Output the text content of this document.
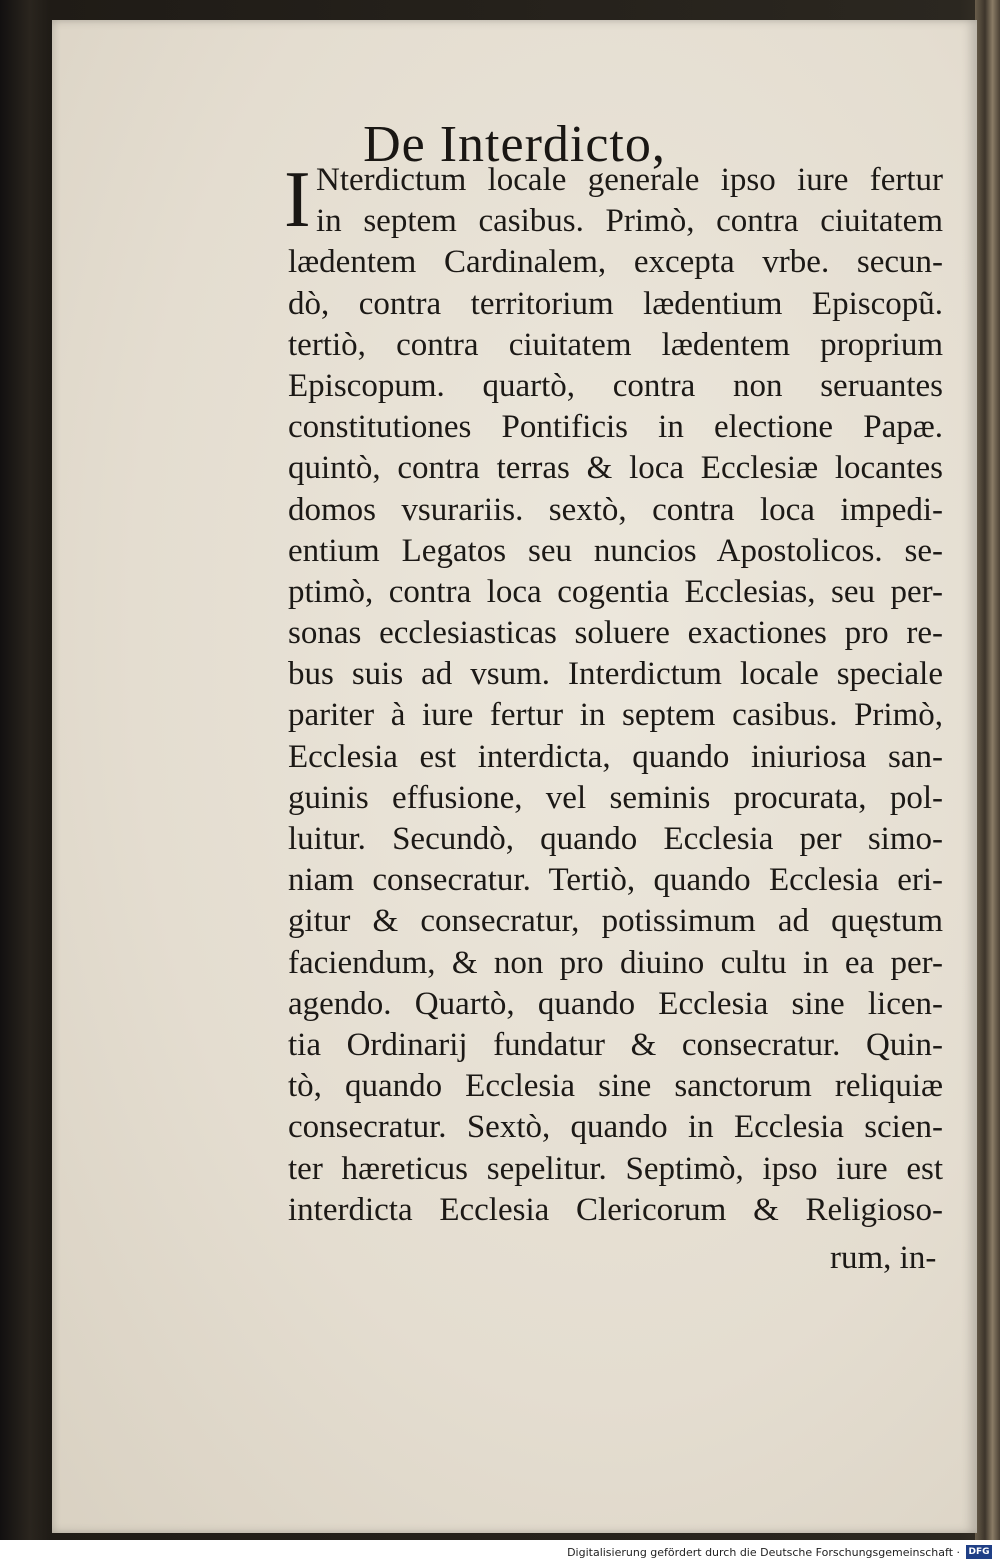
De Interdicto,
I Nterdictum locale generale ipso iure fertur
in septem casibus. Primò, contra ciuitatem
lædentem Cardinalem, excepta vrbe. secun-
dò, contra territorium lædentium Episcopũ.
tertiò, contra ciuitatem lædentem proprium
Episcopum. quartò, contra non seruantes
constitutiones Pontificis in electione Papæ.
quintò, contra terras & loca Ecclesiæ locantes
domos vsurariis. sextò, contra loca impedi-
entium Legatos seu nuncios Apostolicos. se-
ptimò, contra loca cogentia Ecclesias, seu per-
sonas ecclesiasticas soluere exactiones pro re-
bus suis ad vsum. Interdictum locale speciale
pariter à iure fertur in septem casibus. Primò,
Ecclesia est interdicta, quando iniuriosa san-
guinis effusione, vel seminis procurata, pol-
luitur. Secundò, quando Ecclesia per simo-
niam consecratur. Tertiò, quando Ecclesia eri-
gitur & consecratur, potissimum ad quęstum
faciendum, & non pro diuino cultu in ea per-
agendo. Quartò, quando Ecclesia sine licen-
tia Ordinarij fundatur & consecratur. Quin-
tò, quando Ecclesia sine sanctorum reliquiæ
consecratur. Sextò, quando in Ecclesia scien-
ter hæreticus sepelitur. Septimò, ipso iure est
interdicta Ecclesia Clericorum & Religioso-
rum, in-
Digitalisierung gefördert durch die Deutsche Forschungsgemeinschaft · DFG
